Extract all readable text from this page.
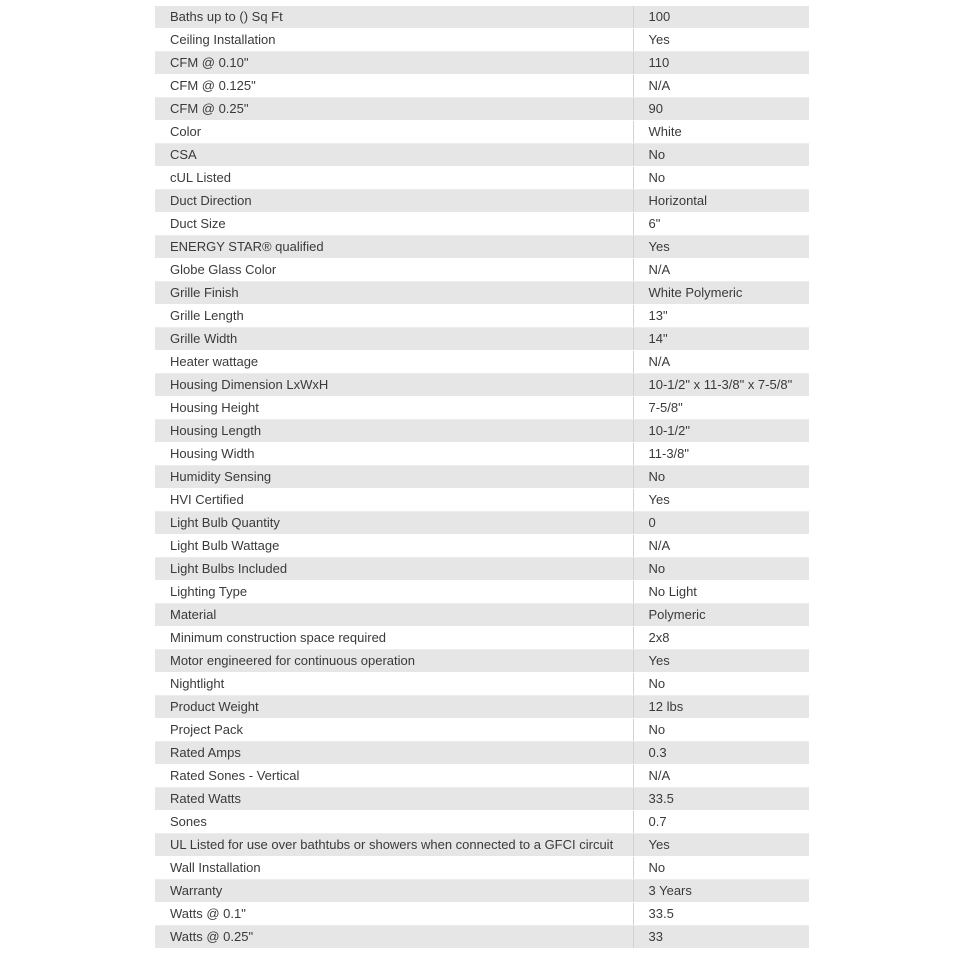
Baths up to () Sq Ft	100
Ceiling Installation	Yes
CFM @ 0.10"	110
CFM @ 0.125"	N/A
CFM @ 0.25"	90
Color	White
CSA	No
cUL Listed	No
Duct Direction	Horizontal
Duct Size	6"
ENERGY STAR® qualified	Yes
Globe Glass Color	N/A
Grille Finish	White Polymeric
Grille Length	13"
Grille Width	14"
Heater wattage	N/A
Housing Dimension LxWxH	10-1/2" x 11-3/8" x 7-5/8"
Housing Height	7-5/8"
Housing Length	10-1/2"
Housing Width	11-3/8"
Humidity Sensing	No
HVI Certified	Yes
Light Bulb Quantity	0
Light Bulb Wattage	N/A
Light Bulbs Included	No
Lighting Type	No Light
Material	Polymeric
Minimum construction space required	2x8
Motor engineered for continuous operation	Yes
Nightlight	No
Product Weight	12 lbs
Project Pack	No
Rated Amps	0.3
Rated Sones - Vertical	N/A
Rated Watts	33.5
Sones	0.7
UL Listed for use over bathtubs or showers when connected to a GFCI circuit	Yes
Wall Installation	No
Warranty	3 Years
Watts @ 0.1"	33.5
Watts @ 0.25"	33
